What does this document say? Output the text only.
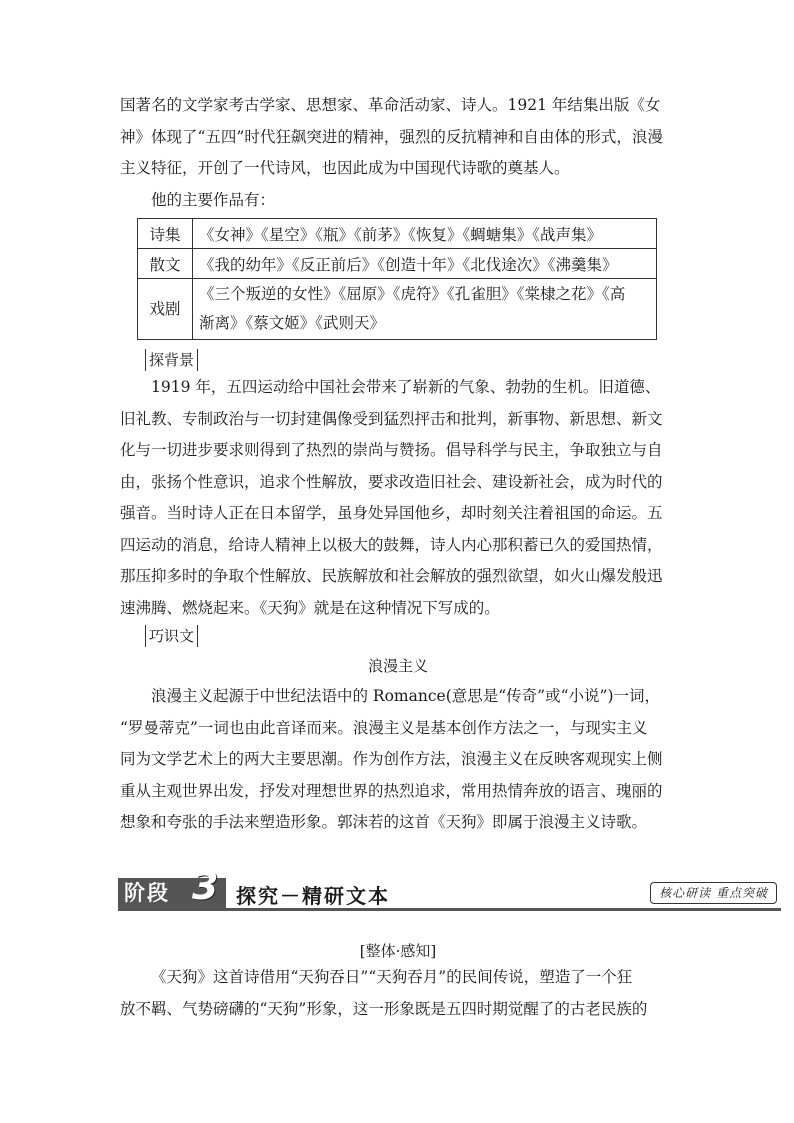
国著名的文学家考古学家、思想家、革命活动家、诗人。1921 年结集出版《女
神》体现了“五四”时代狂飙突进的精神，强烈的反抗精神和自由体的形式，浪漫
主义特征，开创了一代诗风，也因此成为中国现代诗歌的奠基人。
他的主要作品有：
诗集	《女神》《星空》《瓶》《前茅》《恢复》《蜩螗集》《战声集》
散文	《我的幼年》《反正前后》《创造十年》《北伐途次》《沸羹集》
戏剧	《三个叛逆的女性》《屈原》《虎符》《孔雀胆》《棠棣之花》《高
渐离》《蔡文姬》《武则天》
探背景
1919 年，五四运动给中国社会带来了崭新的气象、勃勃的生机。旧道德、
旧礼教、专制政治与一切封建偶像受到猛烈抨击和批判，新事物、新思想、新文
化与一切进步要求则得到了热烈的崇尚与赞扬。倡导科学与民主，争取独立与自
由，张扬个性意识，追求个性解放，要求改造旧社会、建设新社会，成为时代的
强音。当时诗人正在日本留学，虽身处异国他乡，却时刻关注着祖国的命运。五
四运动的消息，给诗人精神上以极大的鼓舞，诗人内心那积蓄已久的爱国热情，
那压抑多时的争取个性解放、民族解放和社会解放的强烈欲望，如火山爆发般迅
速沸腾、燃烧起来。《天狗》就是在这种情况下写成的。
巧识文
浪漫主义
浪漫主义起源于中世纪法语中的 Romance(意思是“传奇”或“小说”)一词，
“罗曼蒂克”一词也由此音译而来。浪漫主义是基本创作方法之一，与现实主义
同为文学艺术上的两大主要思潮。作为创作方法，浪漫主义在反映客观现实上侧
重从主观世界出发，抒发对理想世界的热烈追求，常用热情奔放的语言、瑰丽的
想象和夸张的手法来塑造形象。郭沫若的这首《天狗》即属于浪漫主义诗歌。
阶段 3 探究－精研文本	核心研读 重点突破
[整体·感知]
《天狗》这首诗借用“天狗吞日”“天狗吞月”的民间传说，塑造了一个狂
放不羁、气势磅礴的“天狗”形象，这一形象既是五四时期觉醒了的古老民族的
